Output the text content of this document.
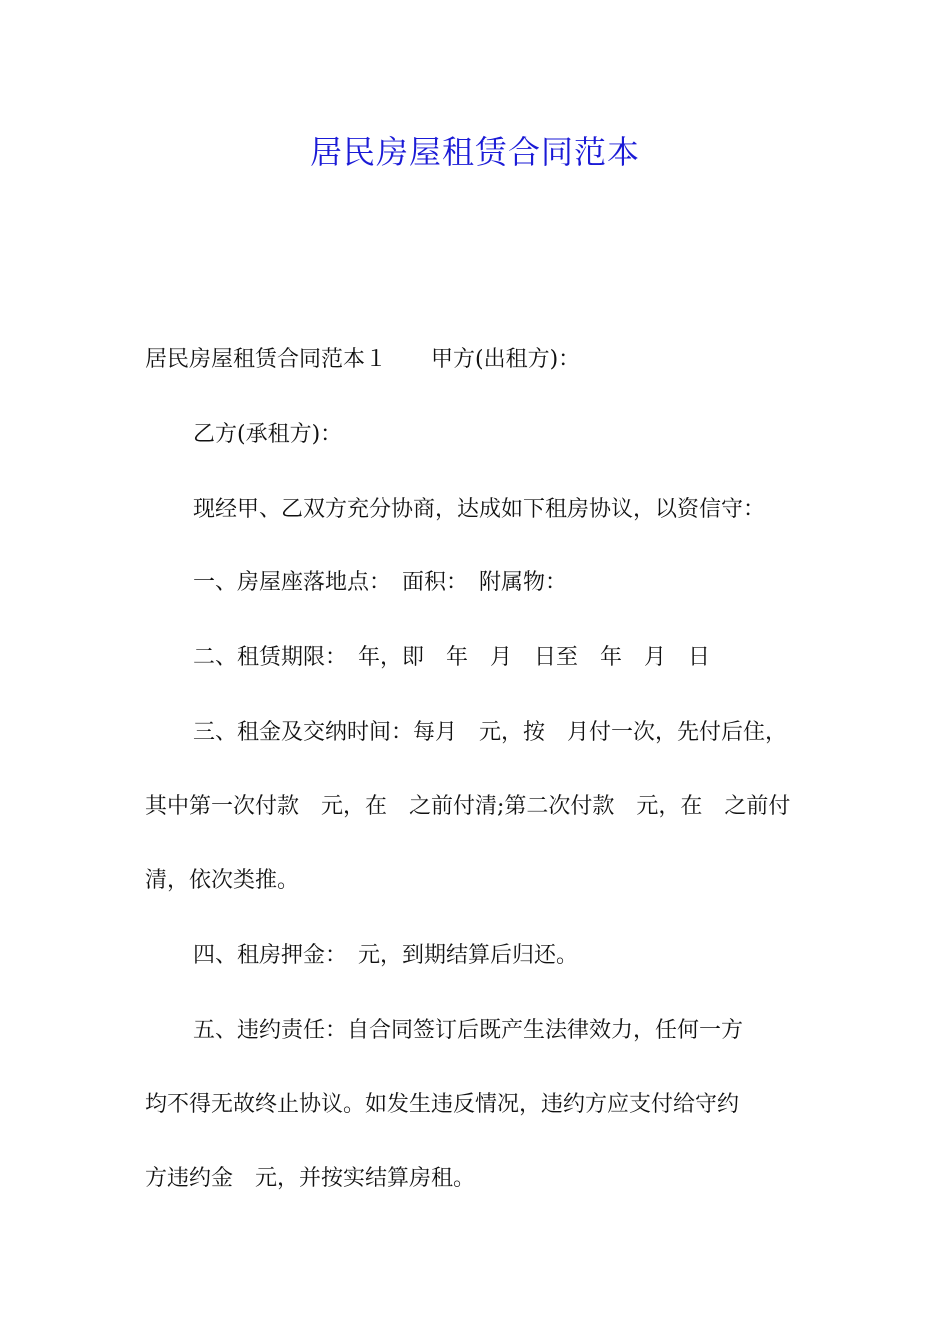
居民房屋租赁合同范本
居民房屋租赁合同范本１　　甲方(出租方)：
乙方(承租方)：
现经甲、乙双方充分协商，达成如下租房协议，以资信守：
一、房屋座落地点：　面积：　附属物：
二、租赁期限：　年，即　年　月　日至　年　月　日
三、租金及交纳时间：每月　元，按　月付一次，先付后住，
其中第一次付款　元，在　之前付清;第二次付款　元，在　之前付
清，依次类推。
四、租房押金：　元，到期结算后归还。
五、违约责任：自合同签订后既产生法律效力，任何一方
均不得无故终止协议。如发生违反情况，违约方应支付给守约
方违约金　元，并按实结算房租。
